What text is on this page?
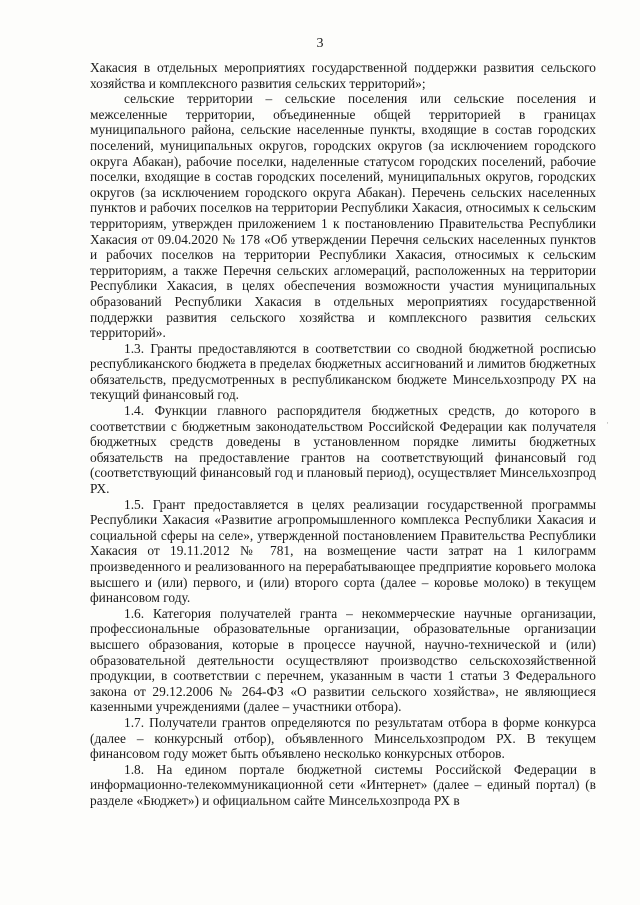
3

Хакасия в отдельных мероприятиях государственной поддержки развития сельского хозяйства и комплексного развития сельских территорий»;

сельские территории – сельские поселения или сельские поселения и межселенные территории, объединенные общей территорией в границах муниципального района, сельские населенные пункты, входящие в состав городских поселений, муниципальных округов, городских округов (за исключением городского округа Абакан), рабочие поселки, наделенные статусом городских поселений, рабочие поселки, входящие в состав городских поселений, муниципальных округов, городских округов (за исключением городского округа Абакан). Перечень сельских населенных пунктов и рабочих поселков на территории Республики Хакасия, относимых к сельским территориям, утвержден приложением 1 к постановлению Правительства Республики Хакасия от 09.04.2020 № 178 «Об утверждении Перечня сельских населенных пунктов и рабочих поселков на территории Республики Хакасия, относимых к сельским территориям, а также Перечня сельских агломераций, расположенных на территории Республики Хакасия, в целях обеспечения возможности участия муниципальных образований Республики Хакасия в отдельных мероприятиях государственной поддержки развития сельского хозяйства и комплексного развития сельских территорий».

1.3. Гранты предоставляются в соответствии со сводной бюджетной росписью республиканского бюджета в пределах бюджетных ассигнований и лимитов бюджетных обязательств, предусмотренных в республиканском бюджете Минсельхозпроду РХ на текущий финансовый год.

1.4. Функции главного распорядителя бюджетных средств, до которого в соответствии с бюджетным законодательством Российской Федерации как получателя бюджетных средств доведены в установленном порядке лимиты бюджетных обязательств на предоставление грантов на соответствующий финансовый год (соответствующий финансовый год и плановый период), осуществляет Минсельхозпрод РХ.

1.5. Грант предоставляется в целях реализации государственной программы Республики Хакасия «Развитие агропромышленного комплекса Республики Хакасия и социальной сферы на селе», утвержденной постановлением Правительства Республики Хакасия от 19.11.2012 № 781, на возмещение части затрат на 1 килограмм произведенного и реализованного на перерабатывающее предприятие коровьего молока высшего и (или) первого, и (или) второго сорта (далее – коровье молоко) в текущем финансовом году.

1.6. Категория получателей гранта – некоммерческие научные организации, профессиональные образовательные организации, образовательные организации высшего образования, которые в процессе научной, научно-технической и (или) образовательной деятельности осуществляют производство сельскохозяйственной продукции, в соответствии с перечнем, указанным в части 1 статьи 3 Федерального закона от 29.12.2006 № 264-ФЗ «О развитии сельского хозяйства», не являющиеся казенными учреждениями (далее – участники отбора).

1.7. Получатели грантов определяются по результатам отбора в форме конкурса (далее – конкурсный отбор), объявленного Минсельхозпродом РХ. В текущем финансовом году может быть объявлено несколько конкурсных отборов.

1.8. На едином портале бюджетной системы Российской Федерации в информационно-телекоммуникационной сети «Интернет» (далее – единый портал) (в разделе «Бюджет») и официальном сайте Минсельхозпрода РХ в

·
